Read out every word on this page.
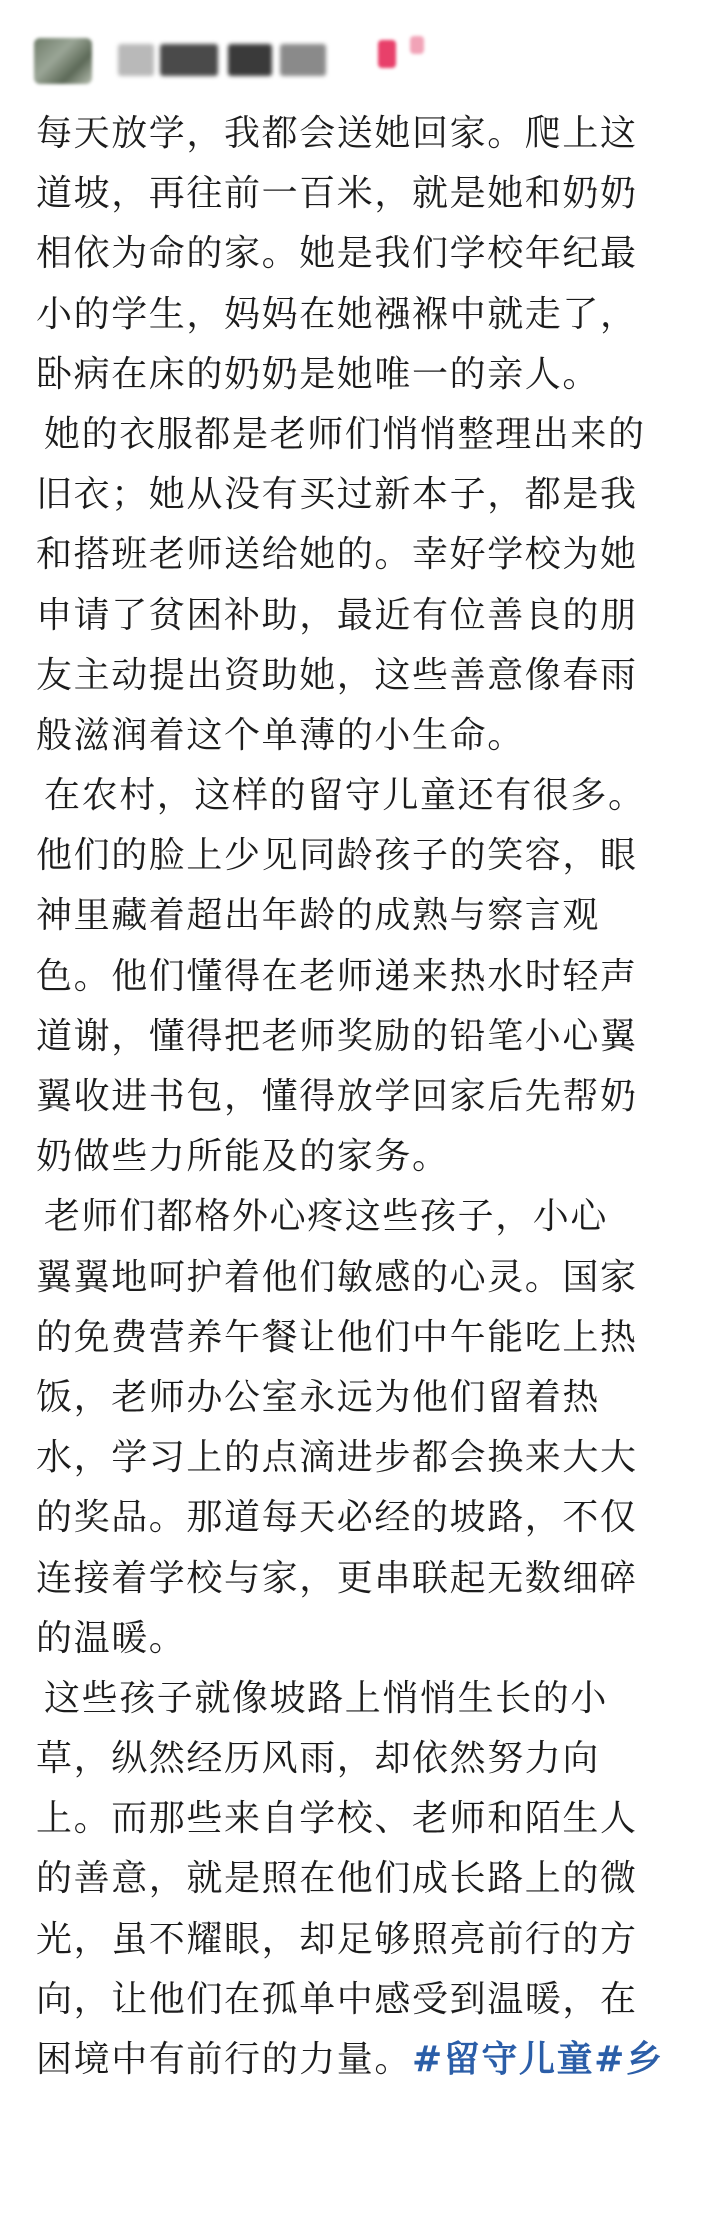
每天放学，我都会送她回家。爬上这
道坡，再往前一百米，就是她和奶奶
相依为命的家。她是我们学校年纪最
小的学生，妈妈在她襁褓中就走了，
卧病在床的奶奶是她唯一的亲人。
她的衣服都是老师们悄悄整理出来的
旧衣；她从没有买过新本子，都是我
和搭班老师送给她的。幸好学校为她
申请了贫困补助，最近有位善良的朋
友主动提出资助她，这些善意像春雨
般滋润着这个单薄的小生命。
在农村，这样的留守儿童还有很多。
他们的脸上少见同龄孩子的笑容，眼
神里藏着超出年龄的成熟与察言观
色。他们懂得在老师递来热水时轻声
道谢，懂得把老师奖励的铅笔小心翼
翼收进书包，懂得放学回家后先帮奶
奶做些力所能及的家务。
老师们都格外心疼这些孩子，小心
翼翼地呵护着他们敏感的心灵。国家
的免费营养午餐让他们中午能吃上热
饭，老师办公室永远为他们留着热
水，学习上的点滴进步都会换来大大
的奖品。那道每天必经的坡路，不仅
连接着学校与家，更串联起无数细碎
的温暖。
这些孩子就像坡路上悄悄生长的小
草，纵然经历风雨，却依然努力向
上。而那些来自学校、老师和陌生人
的善意，就是照在他们成长路上的微
光，虽不耀眼，却足够照亮前行的方
向，让他们在孤单中感受到温暖，在
困境中有前行的力量。#留守儿童#乡
